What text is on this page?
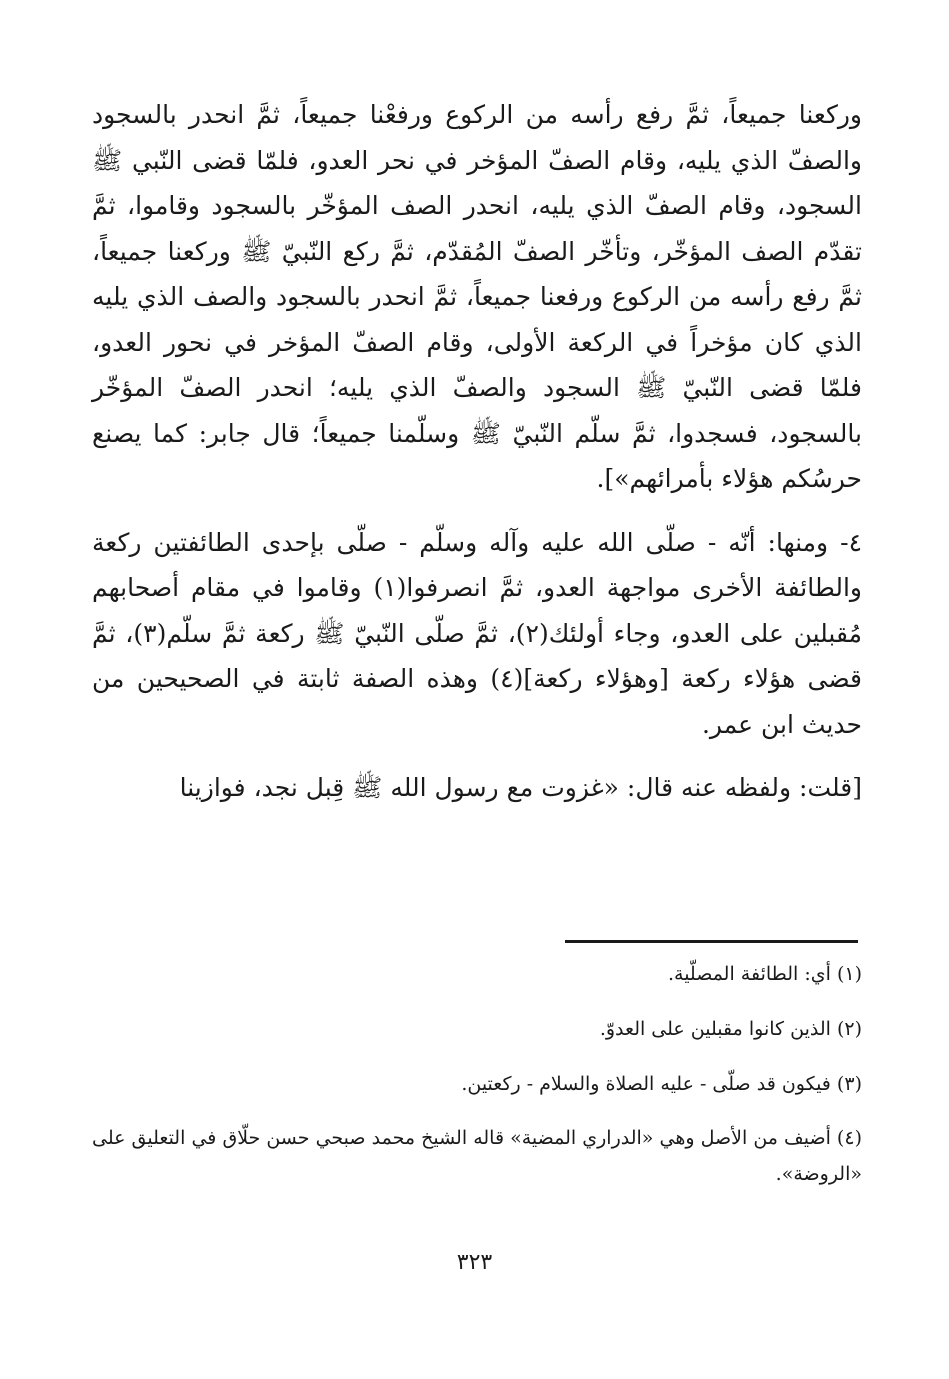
وركعنا جميعاً، ثمَّ رفع رأسه من الركوع ورفعْنا جميعاً، ثمَّ انحدر بالسجود والصفّ الذي يليه، وقام الصفّ المؤخر في نحر العدو، فلمّا قضى النّبي ﷺ السجود، وقام الصفّ الذي يليه، انحدر الصف المؤخّر بالسجود وقاموا، ثمَّ تقدّم الصف المؤخّر، وتأخّر الصفّ المُقدّم، ثمَّ ركع النّبيّ ﷺ وركعنا جميعاً، ثمَّ رفع رأسه من الركوع ورفعنا جميعاً، ثمَّ انحدر بالسجود والصف الذي يليه الذي كان مؤخراً في الركعة الأولى، وقام الصفّ المؤخر في نحور العدو، فلمّا قضى النّبيّ ﷺ السجود والصفّ الذي يليه؛ انحدر الصفّ المؤخّر بالسجود، فسجدوا، ثمَّ سلّم النّبيّ ﷺ وسلّمنا جميعاً؛ قال جابر: كما يصنع حرسُكم هؤلاء بأمرائهم»].

٤- ومنها: أنّه - صلّى الله عليه وآله وسلّم - صلّى بإحدى الطائفتين ركعة والطائفة الأخرى مواجهة العدو، ثمَّ انصرفوا(١) وقاموا في مقام أصحابهم مُقبلين على العدو، وجاء أولئك(٢)، ثمَّ صلّى النّبيّ ﷺ ركعة ثمَّ سلّم(٣)، ثمَّ قضى هؤلاء ركعة [وهؤلاء ركعة](٤) وهذه الصفة ثابتة في الصحيحين من حديث ابن عمر.

[قلت: ولفظه عنه قال: «غزوت مع رسول الله ﷺ قِبل نجد، فوازينا

(١) أي: الطائفة المصلّية.

(٢) الذين كانوا مقبلين على العدوّ.

(٣) فيكون قد صلّى - عليه الصلاة والسلام - ركعتين.

(٤) أضيف من الأصل وهي «الدراري المضية» قاله الشيخ محمد صبحي حسن حلّاق في التعليق على «الروضة».

٣٢٣
